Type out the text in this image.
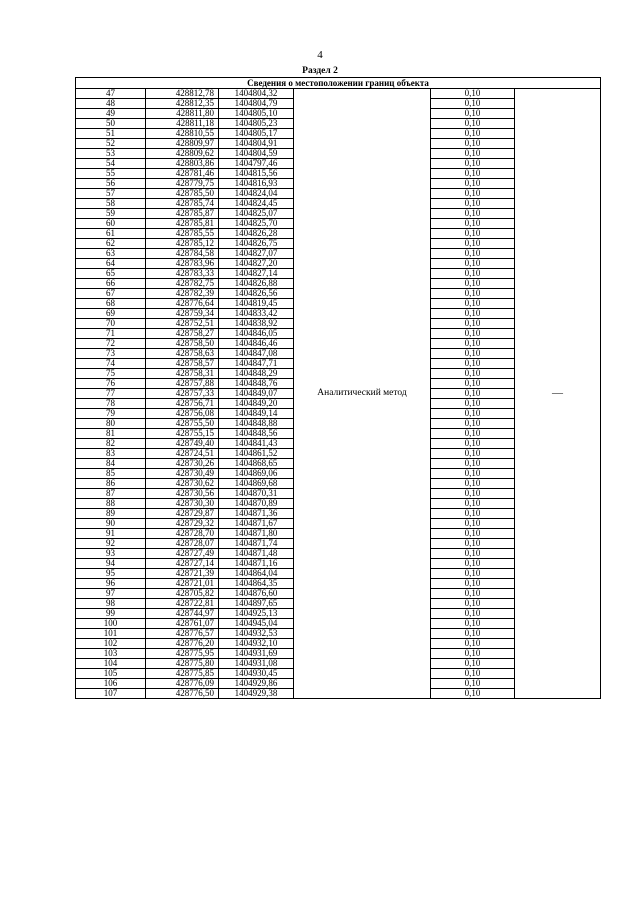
4
Раздел 2
Сведения о местоположении границ объекта					
47	428812,78	1404804,32	Аналитический метод	0,10	—
48	428812,35	1404804,79		0,10	
49	428811,80	1404805,10		0,10	
50	428811,18	1404805,23		0,10	
51	428810,55	1404805,17		0,10	
52	428809,97	1404804,91		0,10	
53	428809,62	1404804,59		0,10	
54	428803,86	1404797,46		0,10	
55	428781,46	1404815,56		0,10	
56	428779,75	1404816,93		0,10	
57	428785,50	1404824,04		0,10	
58	428785,74	1404824,45		0,10	
59	428785,87	1404825,07		0,10	
60	428785,81	1404825,70		0,10	
61	428785,55	1404826,28		0,10	
62	428785,12	1404826,75		0,10	
63	428784,58	1404827,07		0,10	
64	428783,96	1404827,20		0,10	
65	428783,33	1404827,14		0,10	
66	428782,75	1404826,88		0,10	
67	428782,39	1404826,56		0,10	
68	428776,64	1404819,45		0,10	
69	428759,34	1404833,42		0,10	
70	428752,51	1404838,92		0,10	
71	428758,27	1404846,05		0,10	
72	428758,50	1404846,46		0,10	
73	428758,63	1404847,08		0,10	
74	428758,57	1404847,71		0,10	
75	428758,31	1404848,29		0,10	
76	428757,88	1404848,76		0,10	
77	428757,33	1404849,07		0,10	
78	428756,71	1404849,20		0,10	
79	428756,08	1404849,14		0,10	
80	428755,50	1404848,88		0,10	
81	428755,15	1404848,56		0,10	
82	428749,40	1404841,43		0,10	
83	428724,51	1404861,52		0,10	
84	428730,26	1404868,65		0,10	
85	428730,49	1404869,06		0,10	
86	428730,62	1404869,68		0,10	
87	428730,56	1404870,31		0,10	
88	428730,30	1404870,89		0,10	
89	428729,87	1404871,36		0,10	
90	428729,32	1404871,67		0,10	
91	428728,70	1404871,80		0,10	
92	428728,07	1404871,74		0,10	
93	428727,49	1404871,48		0,10	
94	428727,14	1404871,16		0,10	
95	428721,39	1404864,04		0,10	
96	428721,01	1404864,35		0,10	
97	428705,82	1404876,60		0,10	
98	428722,81	1404897,65		0,10	
99	428744,97	1404925,13		0,10	
100	428761,07	1404945,04		0,10	
101	428776,57	1404932,53		0,10	
102	428776,20	1404932,10		0,10	
103	428775,95	1404931,69		0,10	
104	428775,80	1404931,08		0,10	
105	428775,85	1404930,45		0,10	
106	428776,09	1404929,86		0,10	
107	428776,50	1404929,38		0,10	
